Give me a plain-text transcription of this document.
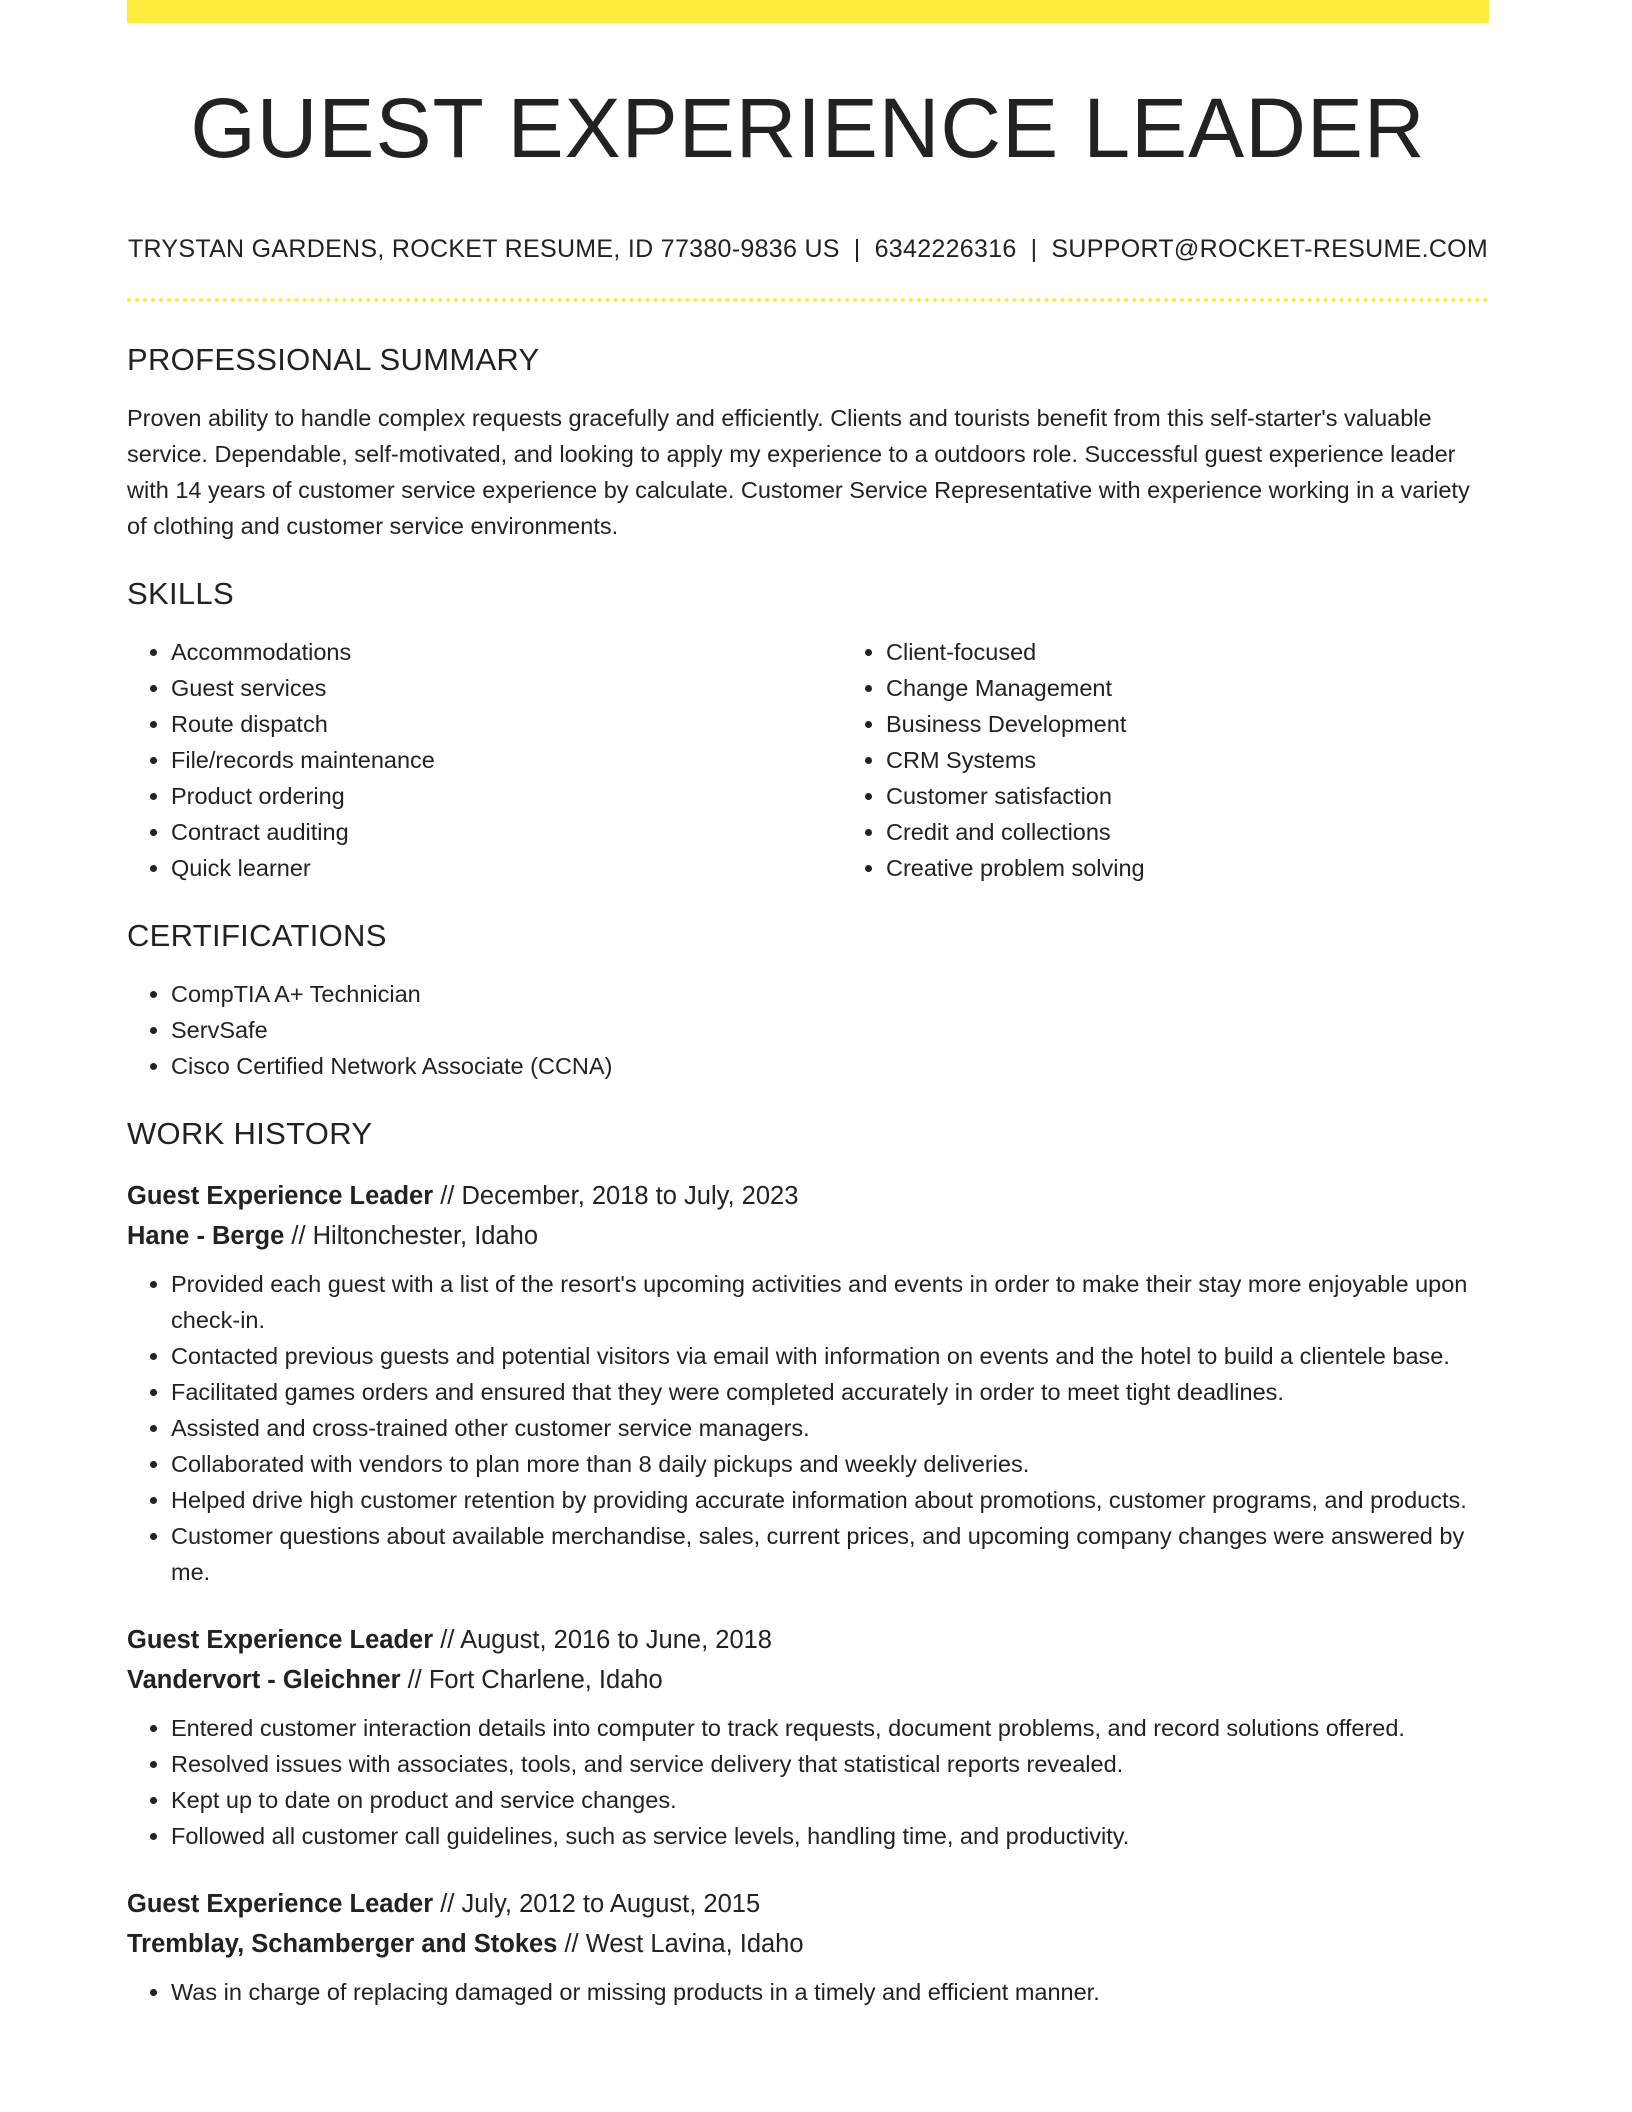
GUEST EXPERIENCE LEADER
TRYSTAN GARDENS, ROCKET RESUME, ID 77380-9836 US | 6342226316 | SUPPORT@ROCKET-RESUME.COM
PROFESSIONAL SUMMARY

Proven ability to handle complex requests gracefully and efficiently. Clients and tourists benefit from this self-starter's valuable service. Dependable, self-motivated, and looking to apply my experience to a outdoors role. Successful guest experience leader with 14 years of customer service experience by calculate. Customer Service Representative with experience working in a variety of clothing and customer service environments.

SKILLS
• Accommodations
• Guest services
• Route dispatch
• File/records maintenance
• Product ordering
• Contract auditing
• Quick learner
• Client-focused
• Change Management
• Business Development
• CRM Systems
• Customer satisfaction
• Credit and collections
• Creative problem solving
CERTIFICATIONS
• CompTIA A+ Technician
• ServSafe
• Cisco Certified Network Associate (CCNA)
WORK HISTORY
Guest Experience Leader // December, 2018 to July, 2023
Hane - Berge // Hiltonchester, Idaho
• Provided each guest with a list of the resort's upcoming activities and events in order to make their stay more enjoyable upon check-in.
• Contacted previous guests and potential visitors via email with information on events and the hotel to build a clientele base.
• Facilitated games orders and ensured that they were completed accurately in order to meet tight deadlines.
• Assisted and cross-trained other customer service managers.
• Collaborated with vendors to plan more than 8 daily pickups and weekly deliveries.
• Helped drive high customer retention by providing accurate information about promotions, customer programs, and products.
• Customer questions about available merchandise, sales, current prices, and upcoming company changes were answered by me.
Guest Experience Leader // August, 2016 to June, 2018
Vandervort - Gleichner // Fort Charlene, Idaho
• Entered customer interaction details into computer to track requests, document problems, and record solutions offered.
• Resolved issues with associates, tools, and service delivery that statistical reports revealed.
• Kept up to date on product and service changes.
• Followed all customer call guidelines, such as service levels, handling time, and productivity.
Guest Experience Leader // July, 2012 to August, 2015
Tremblay, Schamberger and Stokes // West Lavina, Idaho
• Was in charge of replacing damaged or missing products in a timely and efficient manner.
